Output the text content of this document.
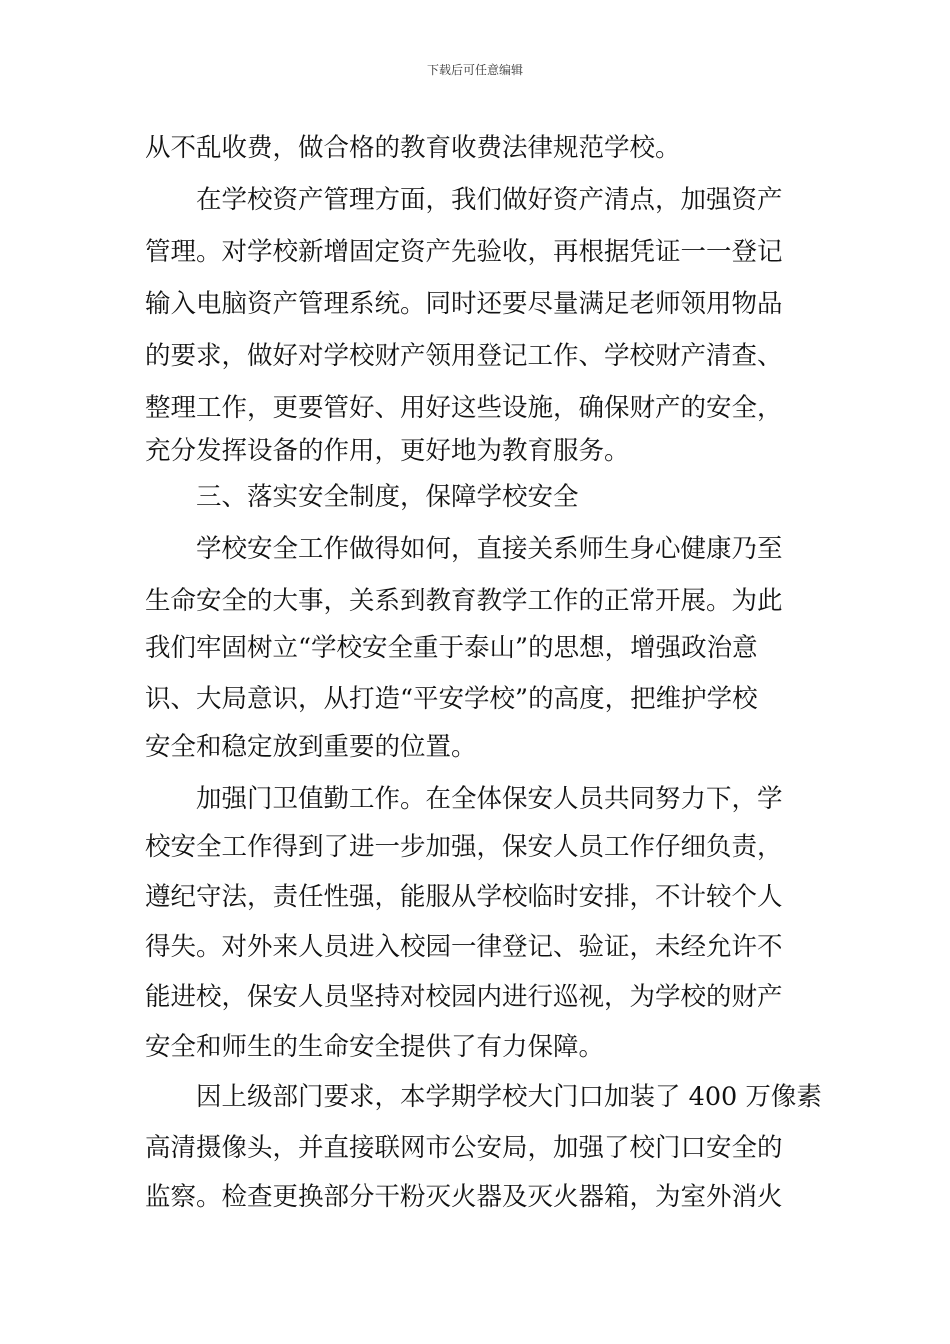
下载后可任意编辑
从不乱收费，做合格的教育收费法律规范学校。
在学校资产管理方面，我们做好资产清点，加强资产
管理。对学校新增固定资产先验收，再根据凭证一一登记
输入电脑资产管理系统。同时还要尽量满足老师领用物品
的要求，做好对学校财产领用登记工作、学校财产清查、
整理工作，更要管好、用好这些设施，确保财产的安全，
充分发挥设备的作用，更好地为教育服务。
三、落实安全制度，保障学校安全
学校安全工作做得如何，直接关系师生身心健康乃至
生命安全的大事，关系到教育教学工作的正常开展。为此
我们牢固树立“学校安全重于泰山”的思想，增强政治意
识、大局意识，从打造“平安学校”的高度，把维护学校
安全和稳定放到重要的位置。
加强门卫值勤工作。在全体保安人员共同努力下，学
校安全工作得到了进一步加强，保安人员工作仔细负责，
遵纪守法，责任性强，能服从学校临时安排，不计较个人
得失。对外来人员进入校园一律登记、验证，未经允许不
能进校，保安人员坚持对校园内进行巡视，为学校的财产
安全和师生的生命安全提供了有力保障。
因上级部门要求，本学期学校大门口加装了 400 万像素
高清摄像头，并直接联网市公安局，加强了校门口安全的
监察。检查更换部分干粉灭火器及灭火器箱，为室外消火
